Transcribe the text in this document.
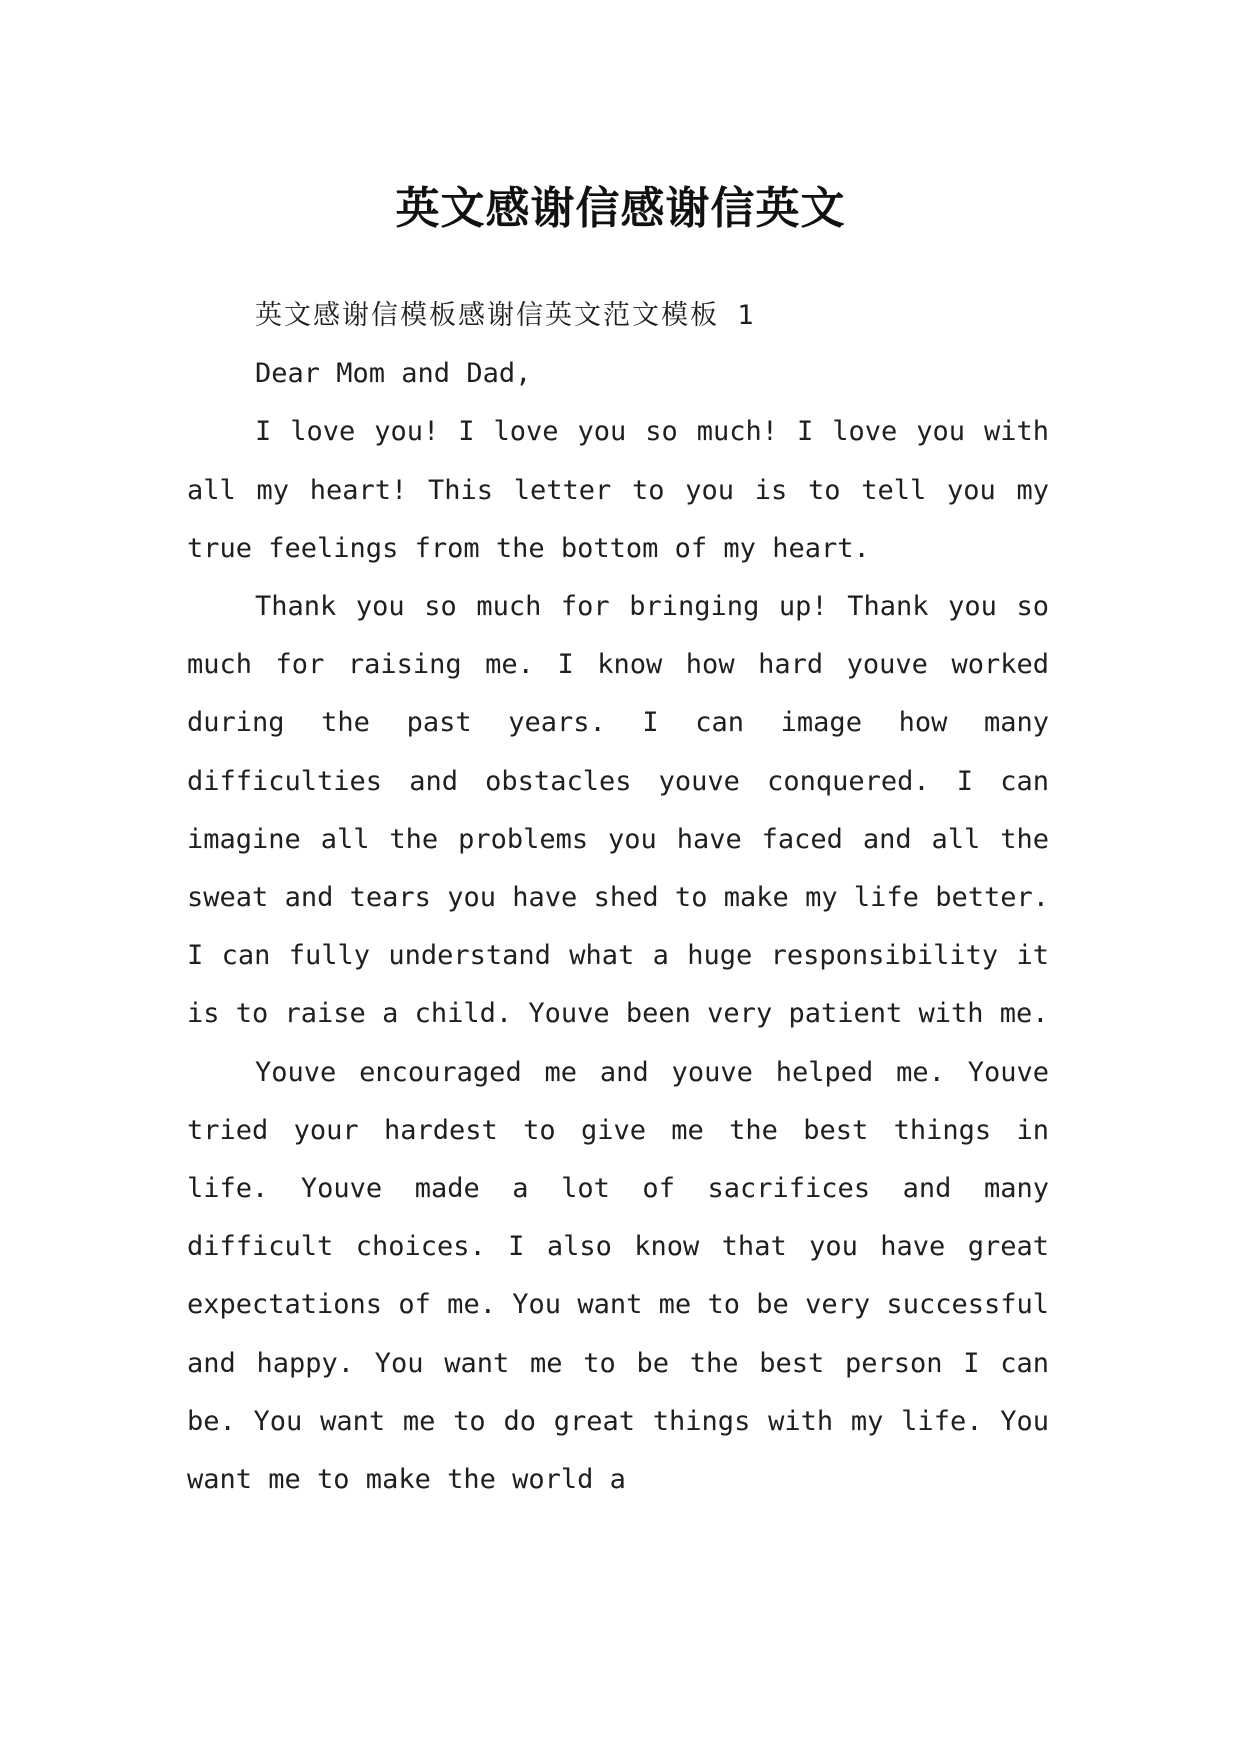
英文感谢信感谢信英文

英文感谢信模板感谢信英文范文模板 1

Dear Mom and Dad,

I love you! I love you so much! I love you with all my heart! This letter to you is to tell you my true feelings from the bottom of my heart.

Thank you so much for bringing up! Thank you so much for raising me. I know how hard youve worked during the past years. I can image how many difficulties and obstacles youve conquered. I can imagine all the problems you have faced and all the sweat and tears you have shed to make my life better. I can fully understand what a huge responsibility it is to raise a child. Youve been very patient with me.

Youve encouraged me and youve helped me. Youve tried your hardest to give me the best things in life. Youve made a lot of sacrifices and many difficult choices. I also know that you have great expectations of me. You want me to be very successful and happy. You want me to be the best person I can be. You want me to do great things with my life. You want me to make the world a
